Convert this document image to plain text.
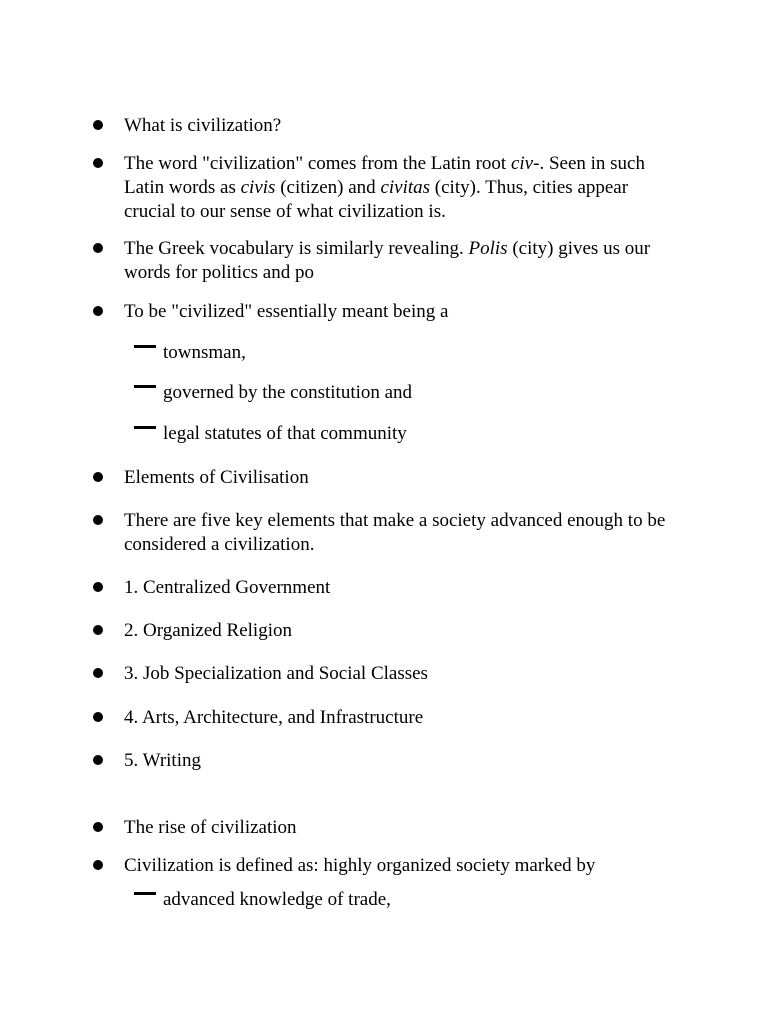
What is civilization?
The word "civilization" comes from the Latin root civ-. Seen in such Latin words as civis (citizen) and civitas (city). Thus, cities appear crucial to our sense of what civilization is.
The Greek vocabulary is similarly revealing. Polis (city) gives us our words for politics and po
To be "civilized" essentially meant being a
townsman,
governed by the constitution and
legal statutes of that community
Elements of Civilisation
There are five key elements that make a society advanced enough to be considered a civilization.
1. Centralized Government
2. Organized Religion
3. Job Specialization and Social Classes
4. Arts, Architecture, and Infrastructure
5. Writing
The rise of civilization
Civilization is defined as: highly organized society marked by
advanced knowledge of trade,
